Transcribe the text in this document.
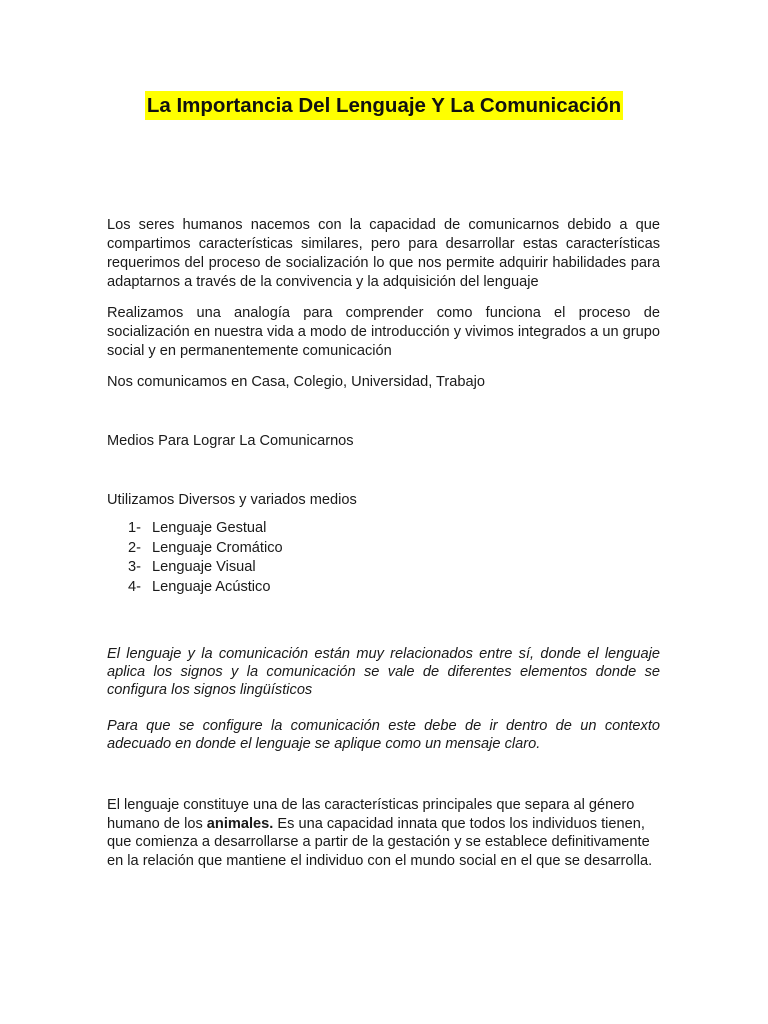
La Importancia Del Lenguaje Y La Comunicación

Los seres humanos nacemos con la capacidad de comunicarnos debido a que compartimos características similares, pero para desarrollar estas características requerimos del proceso de socialización lo que nos permite adquirir habilidades para adaptarnos a través de la convivencia y la adquisición del lenguaje

Realizamos una analogía para comprender como funciona el proceso de socialización en nuestra vida a modo de introducción y vivimos integrados a un grupo social y en permanentemente comunicación

Nos comunicamos en Casa, Colegio, Universidad, Trabajo

Medios Para Lograr La Comunicarnos

Utilizamos Diversos y variados medios

1- Lenguaje Gestual
2- Lenguaje Cromático
3- Lenguaje Visual
4- Lenguaje Acústico

El lenguaje y la comunicación están muy relacionados entre sí, donde el lenguaje aplica los signos y la comunicación se vale de diferentes elementos donde se configura los signos lingüísticos

Para que se configure la comunicación este debe de ir dentro de un contexto adecuado en donde el lenguaje se aplique como un mensaje claro.

El lenguaje constituye una de las características principales que separa al género humano de los animales. Es una capacidad innata que todos los individuos tienen, que comienza a desarrollarse a partir de la gestación y se establece definitivamente en la relación que mantiene el individuo con el mundo social en el que se desarrolla.
